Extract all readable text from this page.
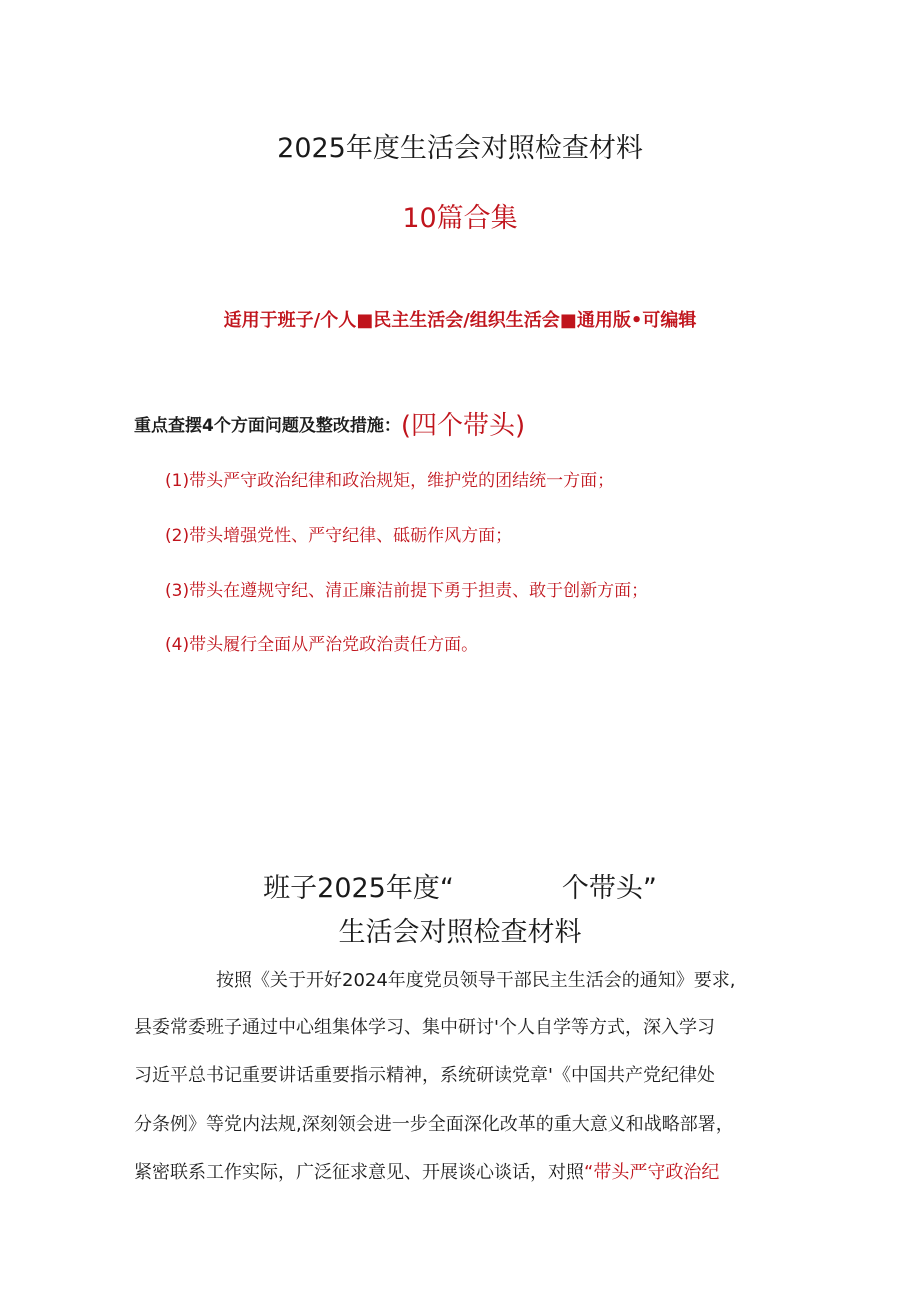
2025年度生活会对照检查材料
10篇合集
适用于班子/个人■民主生活会/组织生活会■通用版•可编辑
重点查摆4个方面问题及整改措施：(四个带头)
(1)带头严守政治纪律和政治规矩，维护党的团结统一方面；
(2)带头增强党性、严守纪律、砥砺作风方面；
(3)带头在遵规守纪、清正廉洁前提下勇于担责、敢于创新方面；
(4)带头履行全面从严治党政治责任方面。
班子2025年度“	个带头”
生活会对照检查材料
按照《关于开好2024年度党员领导干部民主生活会的通知》要求,
县委常委班子通过中心组集体学习、集中研讨'个人自学等方式，深入学习
习近平总书记重要讲话重要指示精神，系统研读党章'《中国共产党纪律处
分条例》等党内法规,深刻领会进一步全面深化改革的重大意义和战略部署，
紧密联系工作实际，广泛征求意见、开展谈心谈话，对照“带头严守政治纪
